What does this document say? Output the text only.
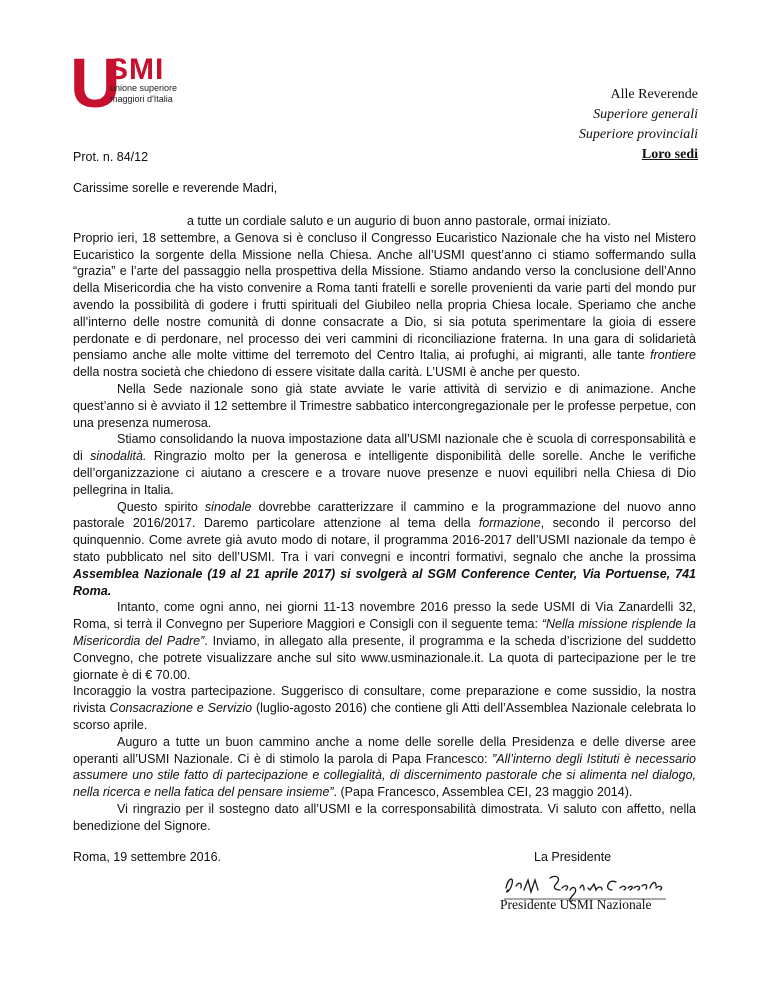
U
SMI
unione superiore
maggiori d'Italia	Alle Reverende
Superiore generali
Superiore provinciali
Loro sedi
Prot. n. 84/12
Carissime sorelle e reverende Madri,

a tutte un cordiale saluto e un augurio di buon anno pastorale, ormai iniziato.

Proprio ieri, 18 settembre, a Genova si è concluso il Congresso Eucaristico Nazionale che ha visto nel Mistero Eucaristico la sorgente della Missione nella Chiesa. Anche all’USMI quest’anno ci stiamo soffermando sulla “grazia” e l’arte del passaggio nella prospettiva della Missione. Stiamo andando verso la conclusione dell’Anno della Misericordia che ha visto convenire a Roma tanti fratelli e sorelle provenienti da varie parti del mondo pur avendo la possibilità di godere i frutti spirituali del Giubileo nella propria Chiesa locale. Speriamo che anche all’interno delle nostre comunità di donne consacrate a Dio, si sia potuta sperimentare la gioia di essere perdonate e di perdonare, nel processo dei veri cammini di riconciliazione fraterna. In una gara di solidarietà pensiamo anche alle molte vittime del terremoto del Centro Italia, ai profughi, ai migranti, alle tante frontiere della nostra società che chiedono di essere visitate dalla carità. L’USMI è anche per questo.

Nella Sede nazionale sono già state avviate le varie attività di servizio e di animazione. Anche quest’anno si è avviato il 12 settembre il Trimestre sabbatico intercongregazionale per le professe perpetue, con una presenza numerosa.

Stiamo consolidando la nuova impostazione data all’USMI nazionale che è scuola di corresponsabilità e di sinodalità. Ringrazio molto per la generosa e intelligente disponibilità delle sorelle. Anche le verifiche dell’organizzazione ci aiutano a crescere e a trovare nuove presenze e nuovi equilibri nella Chiesa di Dio pellegrina in Italia.

Questo spirito sinodale dovrebbe caratterizzare il cammino e la programmazione del nuovo anno pastorale 2016/2017. Daremo particolare attenzione al tema della formazione, secondo il percorso del quinquennio. Come avrete già avuto modo di notare, il programma 2016-2017 dell’USMI nazionale da tempo è stato pubblicato nel sito dell’USMI. Tra i vari convegni e incontri formativi, segnalo che anche la prossima Assemblea Nazionale (19 al 21 aprile 2017) si svolgerà al SGM Conference Center, Via Portuense, 741 Roma.

Intanto, come ogni anno, nei giorni 11-13 novembre 2016 presso la sede USMI di Via Zanardelli 32, Roma, si terrà il Convegno per Superiore Maggiori e Consigli con il seguente tema: “Nella missione risplende la Misericordia del Padre”. Inviamo, in allegato alla presente, il programma e la scheda d’iscrizione del suddetto Convegno, che potrete visualizzare anche sul sito www.usminazionale.it. La quota di partecipazione per le tre giornate è di € 70.00.

Incoraggio la vostra partecipazione. Suggerisco di consultare, come preparazione e come sussidio, la nostra rivista Consacrazione e Servizio (luglio-agosto 2016) che contiene gli Atti dell’Assemblea Nazionale celebrata lo scorso aprile.

Auguro a tutte un buon cammino anche a nome delle sorelle della Presidenza e delle diverse aree operanti all’USMI Nazionale. Ci è di stimolo la parola di Papa Francesco: ”All’interno degli Istituti è necessario assumere uno stile fatto di partecipazione e collegialità, di discernimento pastorale che si alimenta nel dialogo, nella ricerca e nella fatica del pensare insieme”. (Papa Francesco, Assemblea CEI, 23 maggio 2014).

Vi ringrazio per il sostegno dato all’USMI e la corresponsabilità dimostrata. Vi saluto con affetto, nella benedizione del Signore.

Roma, 19 settembre 2016.	La Presidente
Presidente USMI Nazionale
